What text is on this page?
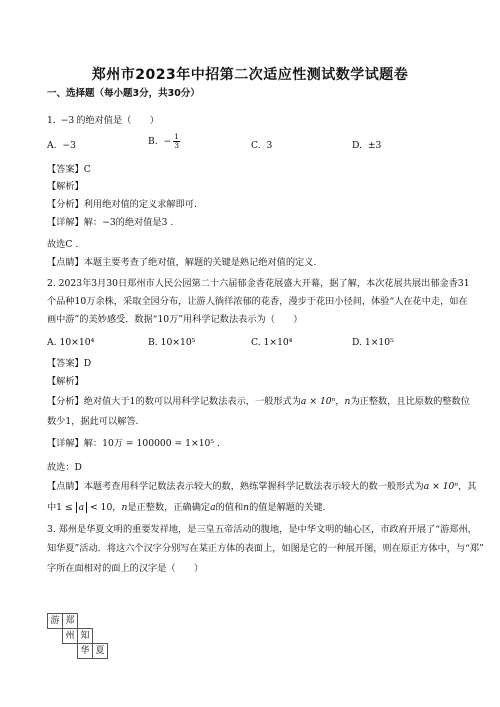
郑州市2023年中招第二次适应性测试数学试题卷
一、选择题（每小题3分，共30分）
1. −3 的绝对值是（　　）
A. −3	B. − $\frac{1}{3}$	C. 3	D. ±3
【答案】C
【解析】
【分析】利用绝对值的定义求解即可.
【详解】解：−3的绝对值是3 .
故选C .
【点睛】本题主要考查了绝对值，解题的关键是熟记绝对值的定义.
2. 2023年3月30日郑州市人民公园第二十六届郁金香花展盛大开幕，据了解，本次花展共展出郁金香31
个品种10万余株，采取全园分布，让游人徜徉浓郁的花香，漫步于花田小径间，体验“人在花中走，如在
画中游”的美妙感受．数据“10万”用科学记数法表示为（　　）
A. 10×10⁴	B. 10×10⁵	C. 1×10⁴	D. 1×10⁵
【答案】D
【解析】
【分析】绝对值大于1的数可以用科学记数法表示，一般形式为a × 10ⁿ，n为正整数，且比原数的整数位
数少1，据此可以解答.
【详解】解：10万 = 100000 = 1×10⁵ .
故选：D
【点睛】本题考查用科学记数法表示较大的数，熟练掌握科学记数法表示较大的数一般形式为a × 10ⁿ，其
中1 ≤ a < 10，n是正整数，正确确定a的值和n的值是解题的关键.
3. 郑州是华夏文明的重要发祥地，是三皇五帝活动的腹地，是中华文明的轴心区，市政府开展了“游郑州，
知华夏”活动．将这六个汉字分别写在某正方体的表面上，如图是它的一种展开图，则在原正方体中，与“郑”
字所在面相对的面上的汉字是（　　）
游 郑
州 知
华 夏
